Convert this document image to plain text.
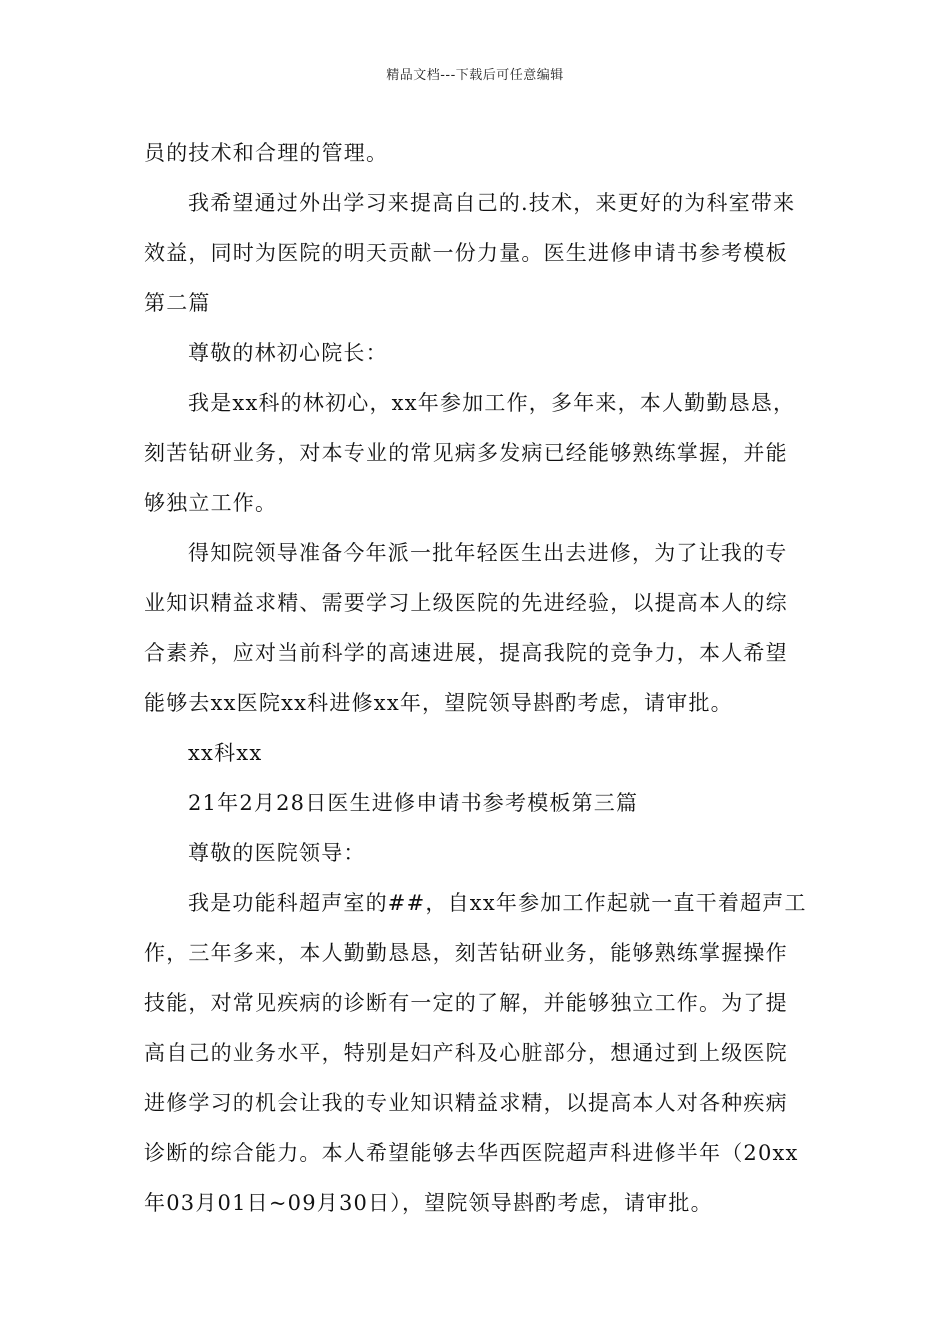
精品文档---下载后可任意编辑

员的技术和合理的管理。

我希望通过外出学习来提高自己的.技术，来更好的为科室带来效益，同时为医院的明天贡献一份力量。医生进修申请书参考模板第二篇

尊敬的林初心院长：

我是xx科的林初心，xx年参加工作，多年来，本人勤勤恳恳，刻苦钻研业务，对本专业的常见病多发病已经能够熟练掌握，并能够独立工作。

得知院领导准备今年派一批年轻医生出去进修，为了让我的专业知识精益求精、需要学习上级医院的先进经验，以提高本人的综合素养，应对当前科学的高速进展，提高我院的竞争力，本人希望能够去xx医院xx科进修xx年，望院领导斟酌考虑，请审批。

xx科xx

21年2月28日医生进修申请书参考模板第三篇

尊敬的医院领导：

我是功能科超声室的##，自xx年参加工作起就一直干着超声工作，三年多来，本人勤勤恳恳，刻苦钻研业务，能够熟练掌握操作技能，对常见疾病的诊断有一定的了解，并能够独立工作。为了提高自己的业务水平，特别是妇产科及心脏部分，想通过到上级医院进修学习的机会让我的专业知识精益求精，以提高本人对各种疾病诊断的综合能力。本人希望能够去华西医院超声科进修半年（20xx年03月01日~09月30日），望院领导斟酌考虑，请审批。
